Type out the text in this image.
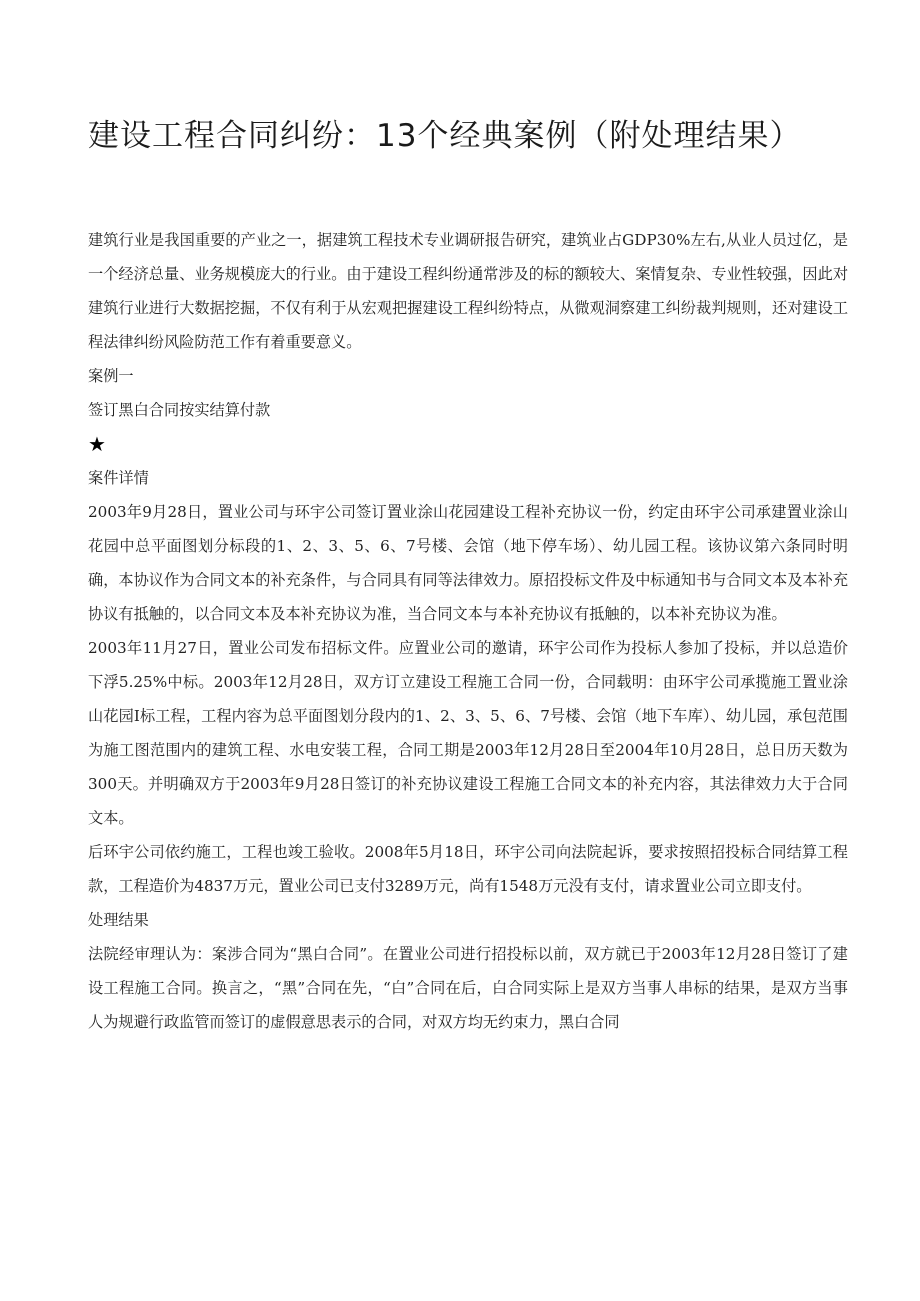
建设工程合同纠纷：13个经典案例（附处理结果）

建筑行业是我国重要的产业之一，据建筑工程技术专业调研报告研究，建筑业占GDP30%左右,从业人员过亿，是一个经济总量、业务规模庞大的行业。由于建设工程纠纷通常涉及的标的额较大、案情复杂、专业性较强，因此对建筑行业进行大数据挖掘，不仅有利于从宏观把握建设工程纠纷特点，从微观洞察建工纠纷裁判规则，还对建设工程法律纠纷风险防范工作有着重要意义。

案例一

签订黑白合同按实结算付款

★

案件详情

2003年9月28日，置业公司与环宇公司签订置业涂山花园建设工程补充协议一份，约定由环宇公司承建置业涂山花园中总平面图划分标段的1、2、3、5、6、7号楼、会馆（地下停车场）、幼儿园工程。该协议第六条同时明确，本协议作为合同文本的补充条件，与合同具有同等法律效力。原招投标文件及中标通知书与合同文本及本补充协议有抵触的，以合同文本及本补充协议为准，当合同文本与本补充协议有抵触的，以本补充协议为准。

2003年11月27日，置业公司发布招标文件。应置业公司的邀请，环宇公司作为投标人参加了投标，并以总造价下浮5.25%中标。2003年12月28日，双方订立建设工程施工合同一份，合同载明：由环宇公司承揽施工置业涂山花园I标工程，工程内容为总平面图划分段内的1、2、3、5、6、7号楼、会馆（地下车库）、幼儿园，承包范围为施工图范围内的建筑工程、水电安装工程，合同工期是2003年12月28日至2004年10月28日，总日历天数为300天。并明确双方于2003年9月28日签订的补充协议建设工程施工合同文本的补充内容，其法律效力大于合同文本。

后环宇公司依约施工，工程也竣工验收。2008年5月18日，环宇公司向法院起诉，要求按照招投标合同结算工程款，工程造价为4837万元，置业公司已支付3289万元，尚有1548万元没有支付，请求置业公司立即支付。

处理结果

法院经审理认为：案涉合同为“黑白合同”。在置业公司进行招投标以前，双方就已于2003年12月28日签订了建设工程施工合同。换言之，“黑”合同在先，“白”合同在后，白合同实际上是双方当事人串标的结果，是双方当事人为规避行政监管而签订的虚假意思表示的合同，对双方均无约束力，黑白合同
